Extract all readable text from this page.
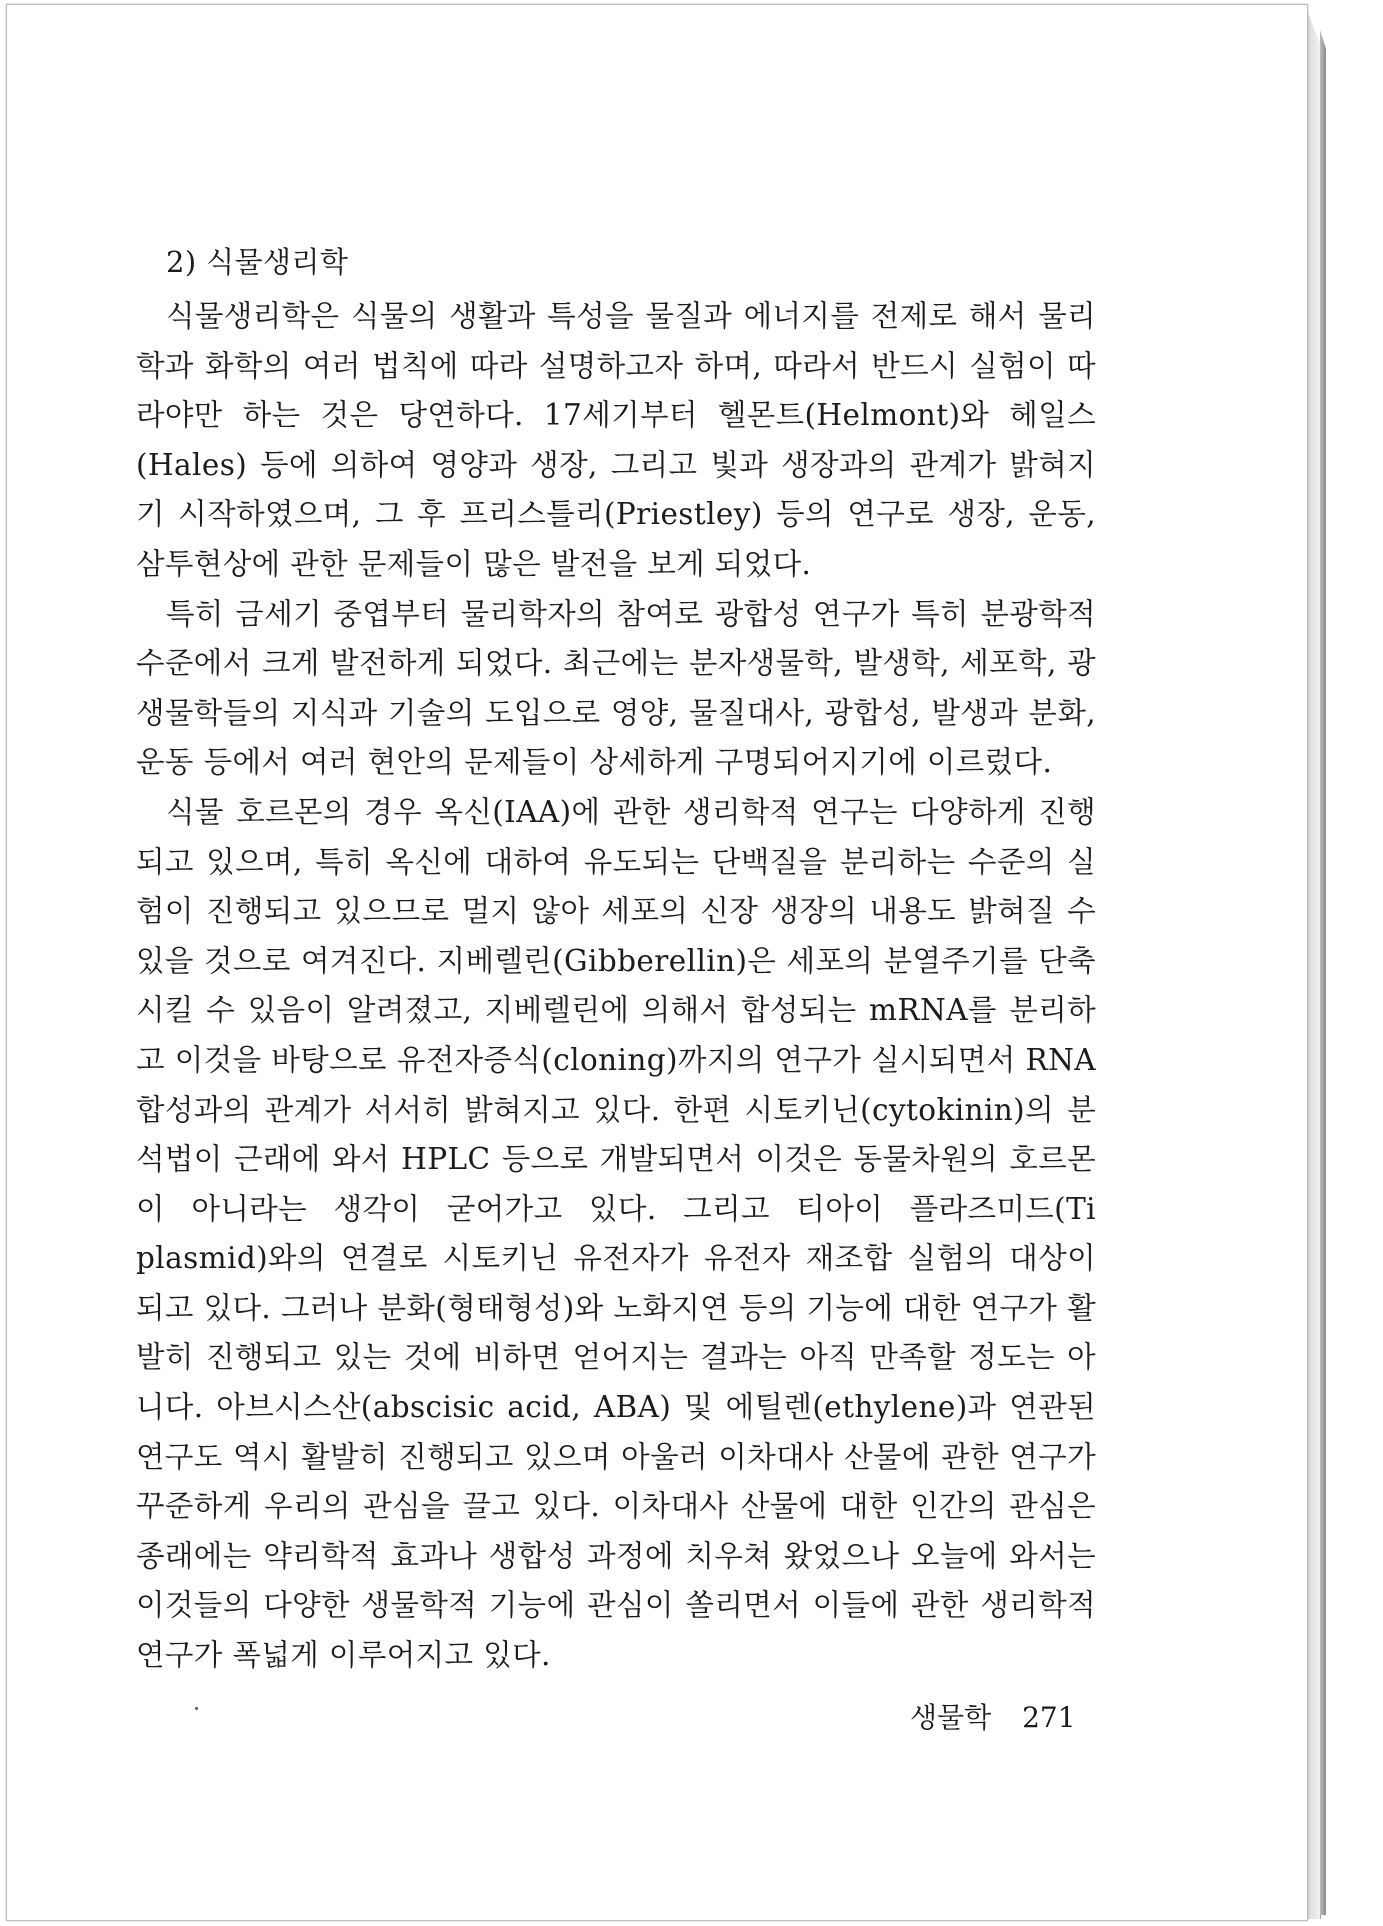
2) 식물생리학

식물생리학은 식물의 생활과 특성을 물질과 에너지를 전제로 해서 물리학과 화학의 여러 법칙에 따라 설명하고자 하며, 따라서 반드시 실험이 따라야만 하는 것은 당연하다. 17세기부터 헬몬트(Helmont)와 헤일스(Hales) 등에 의하여 영양과 생장, 그리고 빛과 생장과의 관계가 밝혀지기 시작하였으며, 그 후 프리스틀리(Priestley) 등의 연구로 생장, 운동, 삼투현상에 관한 문제들이 많은 발전을 보게 되었다.

특히 금세기 중엽부터 물리학자의 참여로 광합성 연구가 특히 분광학적 수준에서 크게 발전하게 되었다. 최근에는 분자생물학, 발생학, 세포학, 광생물학들의 지식과 기술의 도입으로 영양, 물질대사, 광합성, 발생과 분화, 운동 등에서 여러 현안의 문제들이 상세하게 구명되어지기에 이르렀다.

식물 호르몬의 경우 옥신(IAA)에 관한 생리학적 연구는 다양하게 진행되고 있으며, 특히 옥신에 대하여 유도되는 단백질을 분리하는 수준의 실험이 진행되고 있으므로 멀지 않아 세포의 신장 생장의 내용도 밝혀질 수 있을 것으로 여겨진다. 지베렐린(Gibberellin)은 세포의 분열주기를 단축시킬 수 있음이 알려졌고, 지베렐린에 의해서 합성되는 mRNA를 분리하고 이것을 바탕으로 유전자증식(cloning)까지의 연구가 실시되면서 RNA 합성과의 관계가 서서히 밝혀지고 있다. 한편 시토키닌(cytokinin)의 분석법이 근래에 와서 HPLC 등으로 개발되면서 이것은 동물차원의 호르몬이 아니라는 생각이 굳어가고 있다. 그리고 티아이 플라즈미드(Ti plasmid)와의 연결로 시토키닌 유전자가 유전자 재조합 실험의 대상이 되고 있다. 그러나 분화(형태형성)와 노화지연 등의 기능에 대한 연구가 활발히 진행되고 있는 것에 비하면 얻어지는 결과는 아직 만족할 정도는 아니다. 아브시스산(abscisic acid, ABA) 및 에틸렌(ethylene)과 연관된 연구도 역시 활발히 진행되고 있으며 아울러 이차대사 산물에 관한 연구가 꾸준하게 우리의 관심을 끌고 있다. 이차대사 산물에 대한 인간의 관심은 종래에는 약리학적 효과나 생합성 과정에 치우쳐 왔었으나 오늘에 와서는 이것들의 다양한 생물학적 기능에 관심이 쏠리면서 이들에 관한 생리학적 연구가 폭넓게 이루어지고 있다.

생물학 271
